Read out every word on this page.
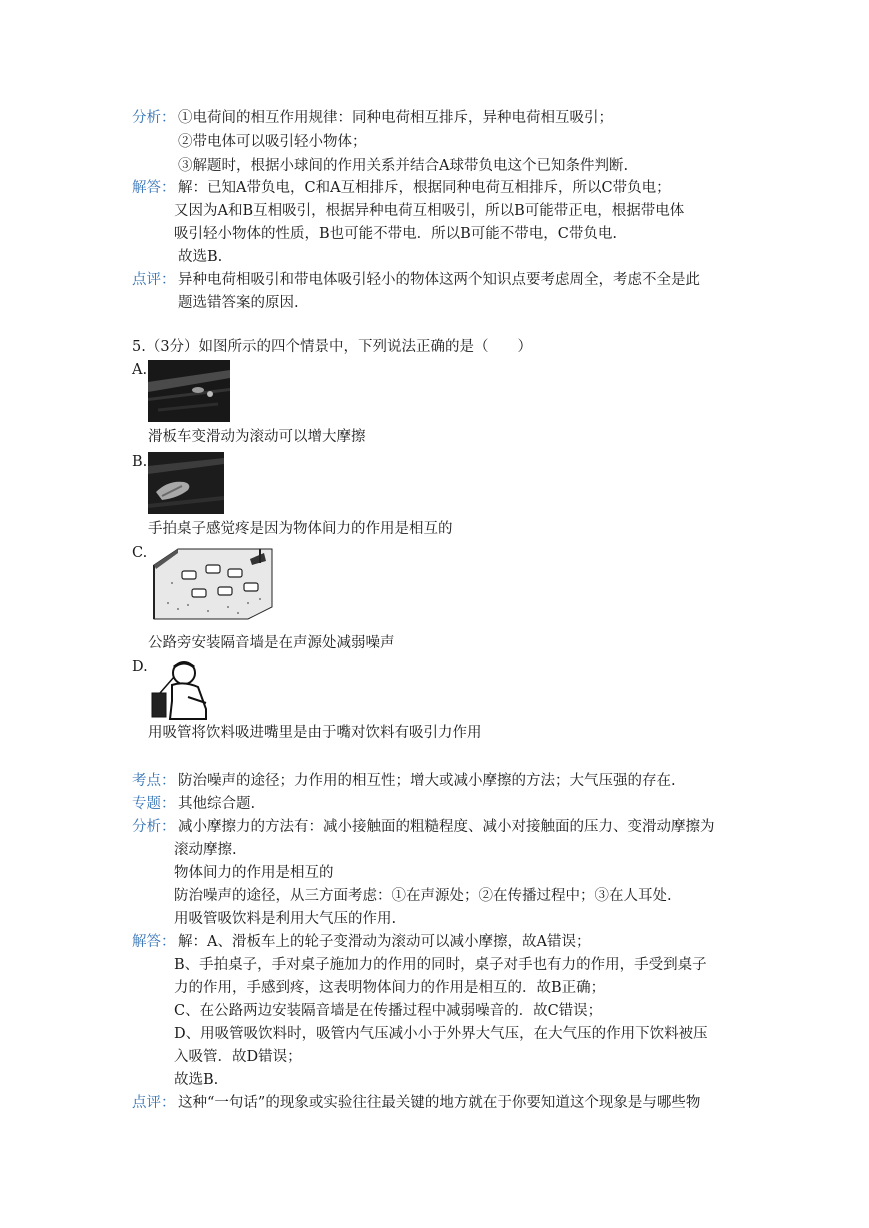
分析： ①电荷间的相互作用规律：同种电荷相互排斥，异种电荷相互吸引；
②带电体可以吸引轻小物体；
③解题时，根据小球间的作用关系并结合A球带负电这个已知条件判断.
解答： 解：已知A带负电，C和A互相排斥，根据同种电荷互相排斥，所以C带负电；
又因为A和B互相吸引，根据异种电荷互相吸引，所以B可能带正电，根据带电体
吸引轻小物体的性质，B也可能不带电．所以B可能不带电，C带负电.
故选B.
点评： 异种电荷相吸引和带电体吸引轻小的物体这两个知识点要考虑周全，考虑不全是此
题选错答案的原因.
5.（3分）如图所示的四个情景中，下列说法正确的是（　　）
A.
滑板车变滑动为滚动可以增大摩擦
B.
手拍桌子感觉疼是因为物体间力的作用是相互的
C.
公路旁安装隔音墙是在声源处减弱噪声
D.
用吸管将饮料吸进嘴里是由于嘴对饮料有吸引力作用
考点： 防治噪声的途径；力作用的相互性；增大或减小摩擦的方法；大气压强的存在.
专题： 其他综合题.
分析： 减小摩擦力的方法有：减小接触面的粗糙程度、减小对接触面的压力、变滑动摩擦为
滚动摩擦.
物体间力的作用是相互的
防治噪声的途径，从三方面考虑：①在声源处；②在传播过程中；③在人耳处.
用吸管吸饮料是利用大气压的作用.
解答： 解：A、滑板车上的轮子变滑动为滚动可以减小摩擦，故A错误；
B、手拍桌子，手对桌子施加力的作用的同时，桌子对手也有力的作用，手受到桌子
力的作用，手感到疼，这表明物体间力的作用是相互的．故B正确；
C、在公路两边安装隔音墙是在传播过程中减弱噪音的．故C错误；
D、用吸管吸饮料时，吸管内气压减小小于外界大气压，在大气压的作用下饮料被压
入吸管．故D错误；
故选B.
点评： 这种“一句话”的现象或实验往往最关键的地方就在于你要知道这个现象是与哪些物
